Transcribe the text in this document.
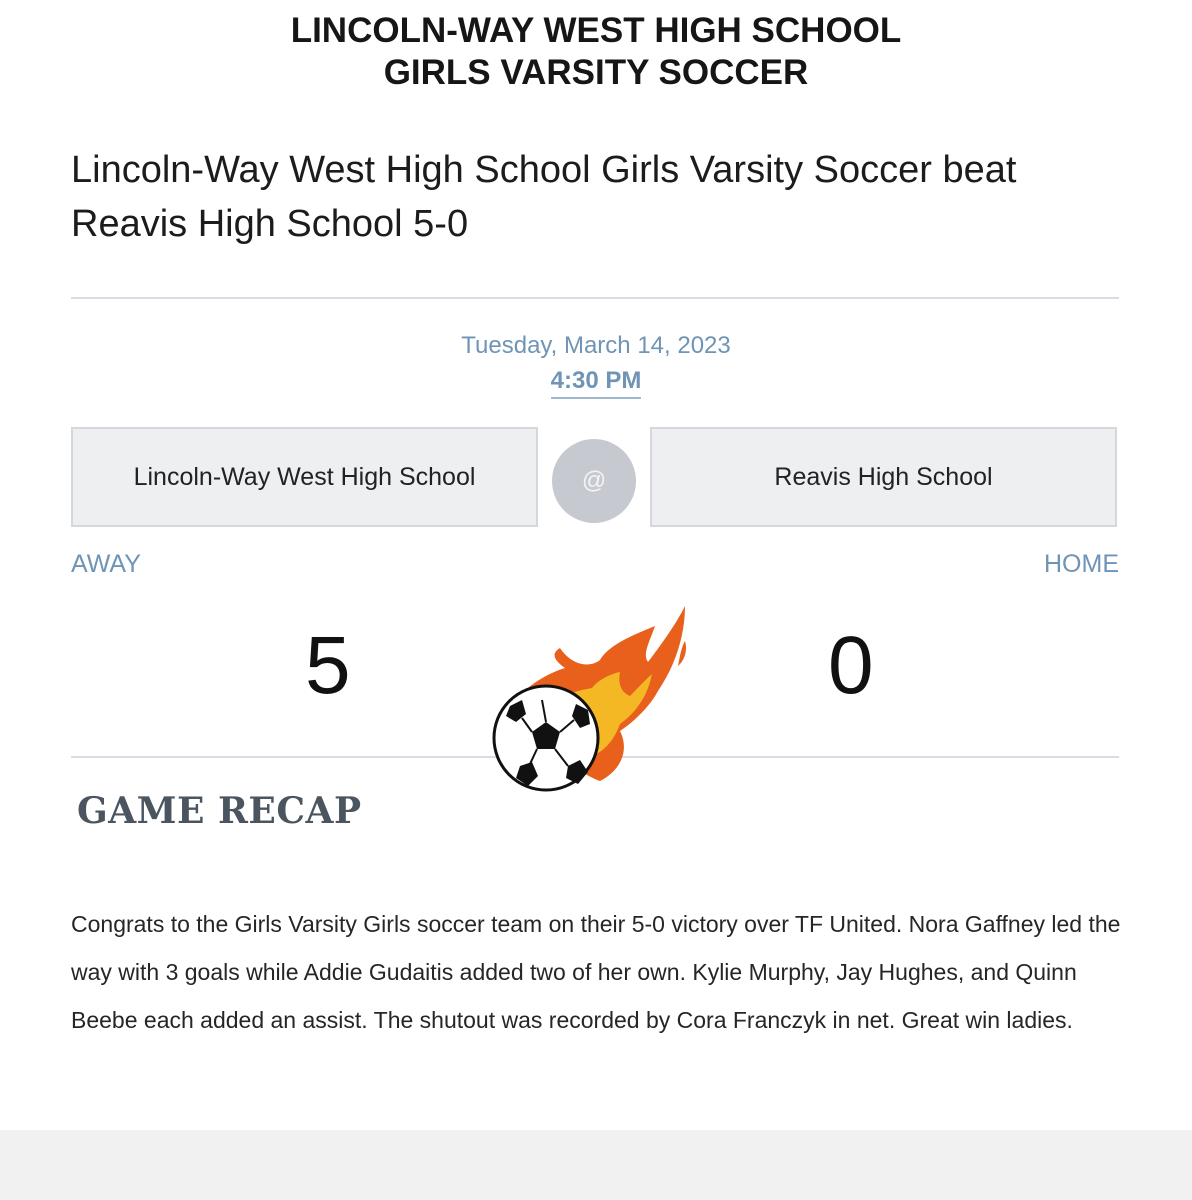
LINCOLN-WAY WEST HIGH SCHOOL
GIRLS VARSITY SOCCER
Lincoln-Way West High School Girls Varsity Soccer beat Reavis High School 5-0
Tuesday, March 14, 2023
4:30 PM
Lincoln-Way West High School	@	Reavis High School
AWAY	HOME
5	0
GAME RECAP
Congrats to the Girls Varsity Girls soccer team on their 5-0 victory over TF United. Nora Gaffney led the way with 3 goals while Addie Gudaitis added two of her own. Kylie Murphy, Jay Hughes, and Quinn Beebe each added an assist. The shutout was recorded by Cora Franczyk in net. Great win ladies.
